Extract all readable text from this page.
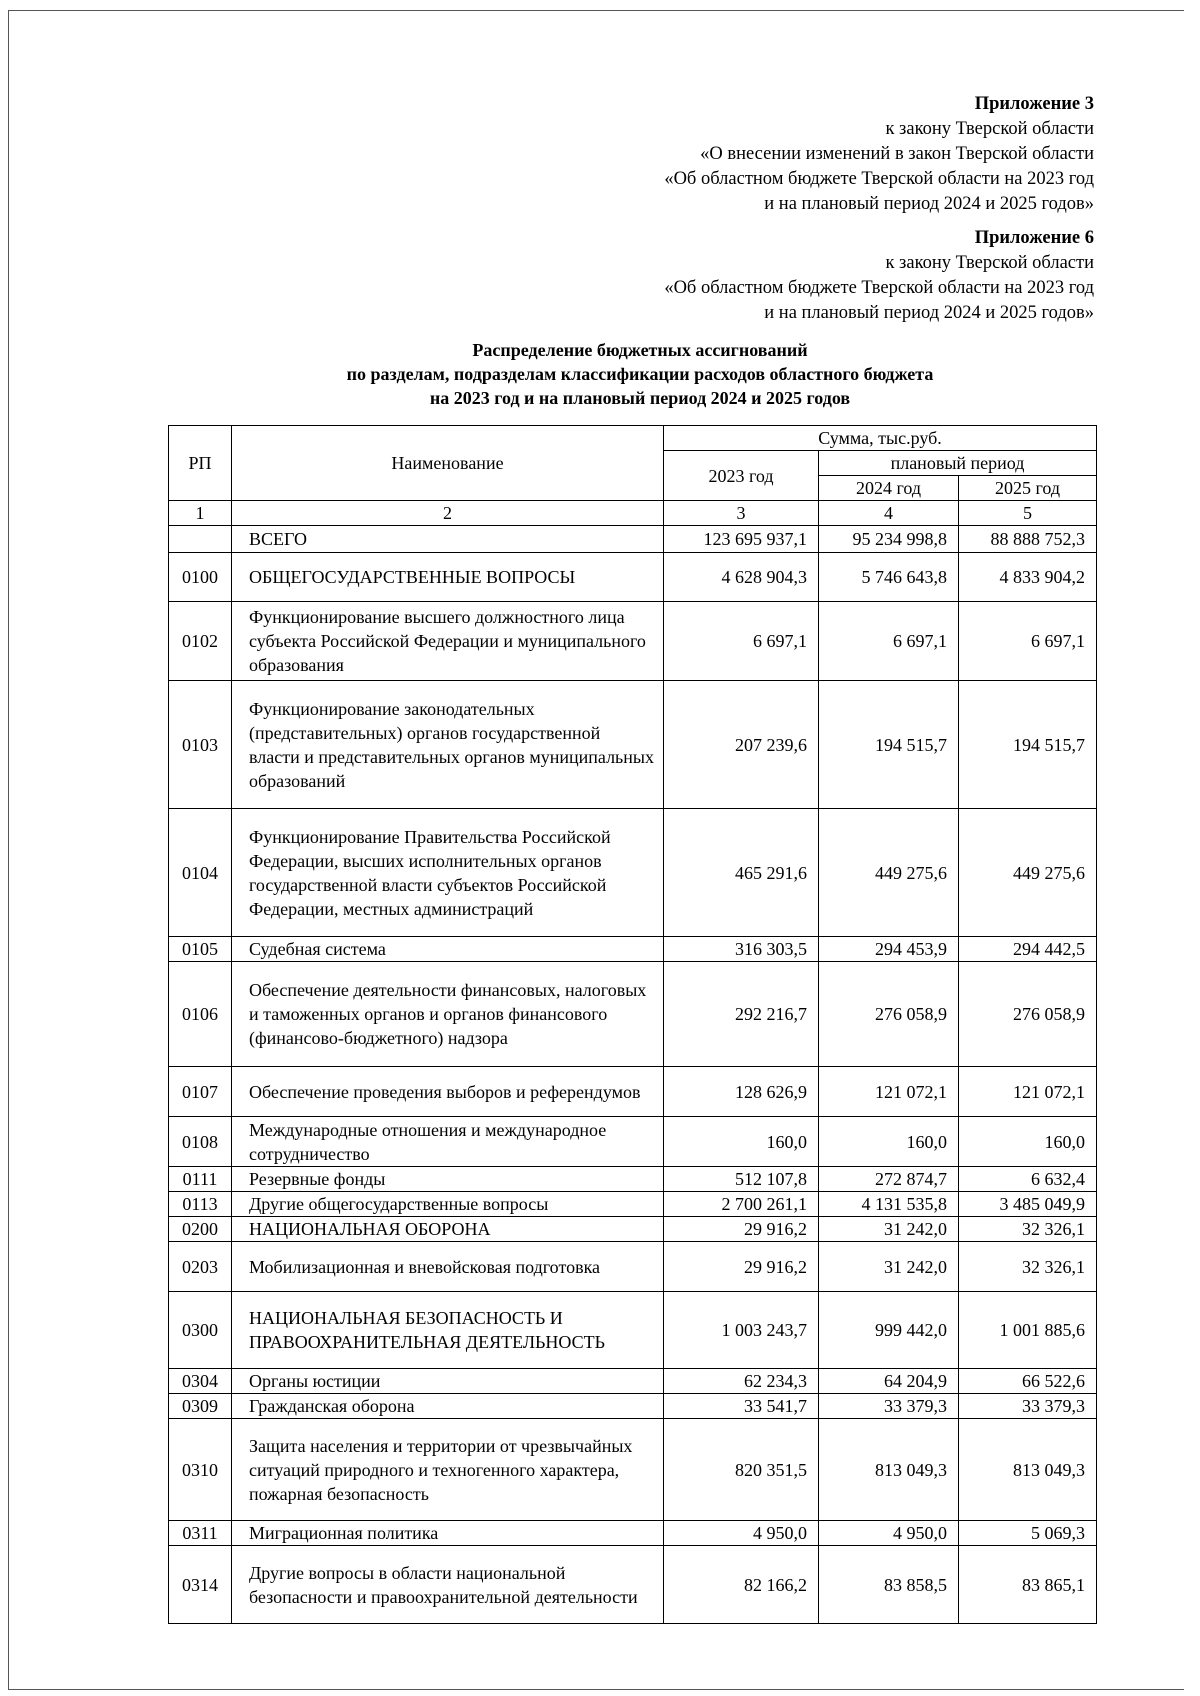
Приложение 3
к закону Тверской области
«О внесении изменений в закон Тверской области
«Об областном бюджете Тверской области на 2023 год
и на плановый период 2024 и 2025 годов»
Приложение 6
к закону Тверской области
«Об областном бюджете Тверской области на 2023 год
и на плановый период 2024 и 2025 годов»
Распределение бюджетных ассигнований
по разделам, подразделам классификации расходов областного бюджета
на 2023 год и на плановый период 2024 и 2025 годов
РП	Наименование	Сумма, тыс.руб.		
		2023 год	плановый период	
			2024 год	2025 год
1	2	3	4	5
	ВСЕГО	123 695 937,1	95 234 998,8	88 888 752,3
0100	ОБЩЕГОСУДАРСТВЕННЫЕ ВОПРОСЫ	4 628 904,3	5 746 643,8	4 833 904,2
0102	Функционирование высшего должностного лица субъекта Российской Федерации и муниципального образования	6 697,1	6 697,1	6 697,1
0103	Функционирование законодательных (представительных) органов государственной власти и представительных органов муниципальных образований	207 239,6	194 515,7	194 515,7
0104	Функционирование Правительства Российской Федерации, высших исполнительных органов государственной власти субъектов Российской Федерации, местных администраций	465 291,6	449 275,6	449 275,6
0105	Судебная система	316 303,5	294 453,9	294 442,5
0106	Обеспечение деятельности финансовых, налоговых и таможенных органов и органов финансового (финансово-бюджетного) надзора	292 216,7	276 058,9	276 058,9
0107	Обеспечение проведения выборов и референдумов	128 626,9	121 072,1	121 072,1
0108	Международные отношения и международное сотрудничество	160,0	160,0	160,0
0111	Резервные фонды	512 107,8	272 874,7	6 632,4
0113	Другие общегосударственные вопросы	2 700 261,1	4 131 535,8	3 485 049,9
0200	НАЦИОНАЛЬНАЯ ОБОРОНА	29 916,2	31 242,0	32 326,1
0203	Мобилизационная и вневойсковая подготовка	29 916,2	31 242,0	32 326,1
0300	НАЦИОНАЛЬНАЯ БЕЗОПАСНОСТЬ И ПРАВООХРАНИТЕЛЬНАЯ ДЕЯТЕЛЬНОСТЬ	1 003 243,7	999 442,0	1 001 885,6
0304	Органы юстиции	62 234,3	64 204,9	66 522,6
0309	Гражданская оборона	33 541,7	33 379,3	33 379,3
0310	Защита населения и территории от чрезвычайных ситуаций природного и техногенного характера, пожарная безопасность	820 351,5	813 049,3	813 049,3
0311	Миграционная политика	4 950,0	4 950,0	5 069,3
0314	Другие вопросы в области национальной безопасности и правоохранительной деятельности	82 166,2	83 858,5	83 865,1
